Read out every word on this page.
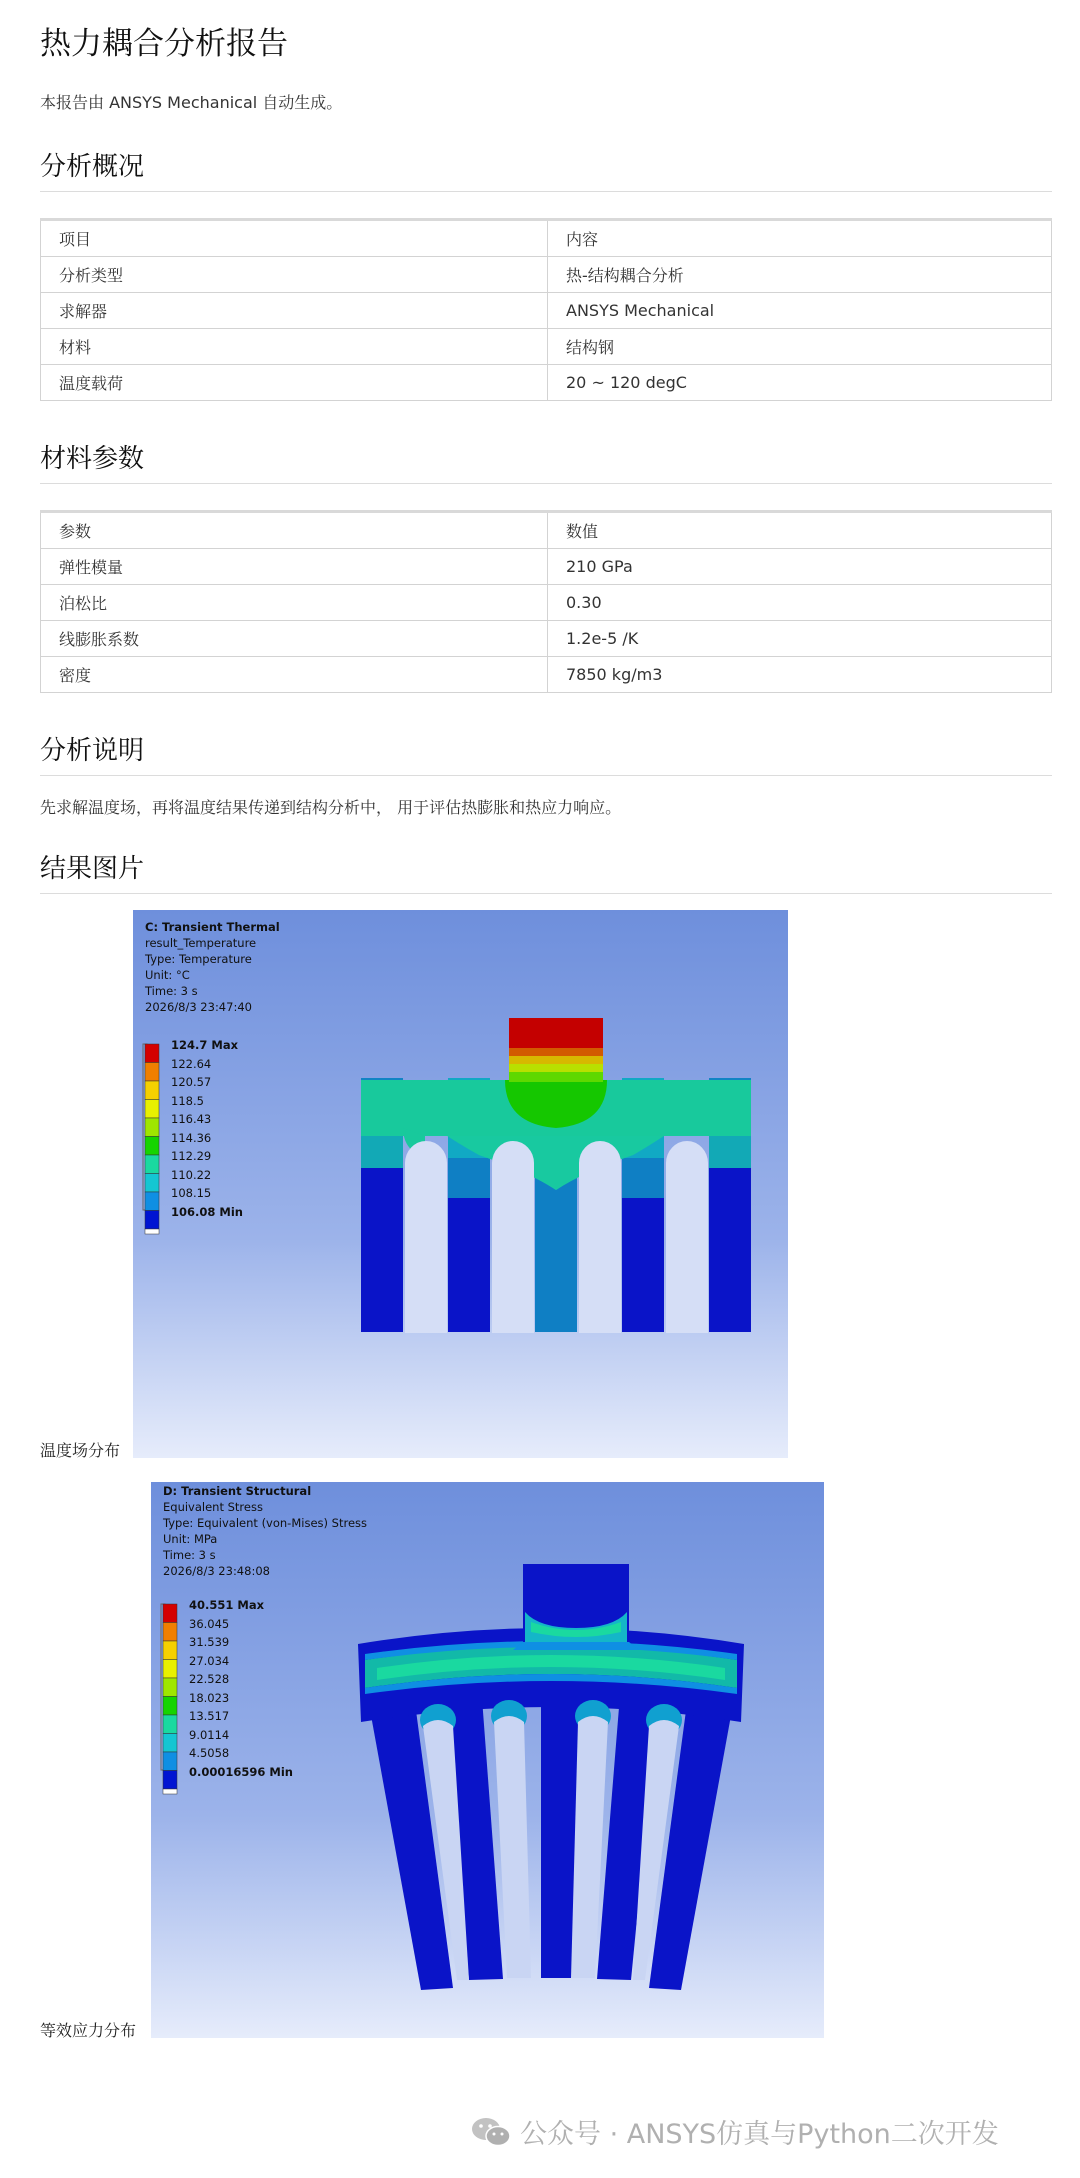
热力耦合分析报告

本报告由 ANSYS Mechanical 自动生成。

分析概况
项目	内容
分析类型	热-结构耦合分析
求解器	ANSYS Mechanical
材料	结构钢
温度载荷	20 ~ 120 degC
材料参数
参数	数值
弹性模量	210 GPa
泊松比	0.30
线膨胀系数	1.2e-5 /K
密度	7850 kg/m3
分析说明

先求解温度场，再将温度结果传递到结构分析中， 用于评估热膨胀和热应力响应。

结果图片
C: Transient Thermal
result_Temperature
Type: Temperature
Unit: °C
Time: 3 s
2026/8/3 23:47:40
124.7 Max
122.64
120.57
118.5
116.43
114.36
112.29
110.22
108.15
106.08 Min
温度场分布
D: Transient Structural
Equivalent Stress
Type: Equivalent (von-Mises) Stress
Unit: MPa
Time: 3 s
2026/8/3 23:48:08
40.551 Max
36.045
31.539
27.034
22.528
18.023
13.517
9.0114
4.5058
0.00016596 Min
等效应力分布
公众号 · ANSYS仿真与Python二次开发
